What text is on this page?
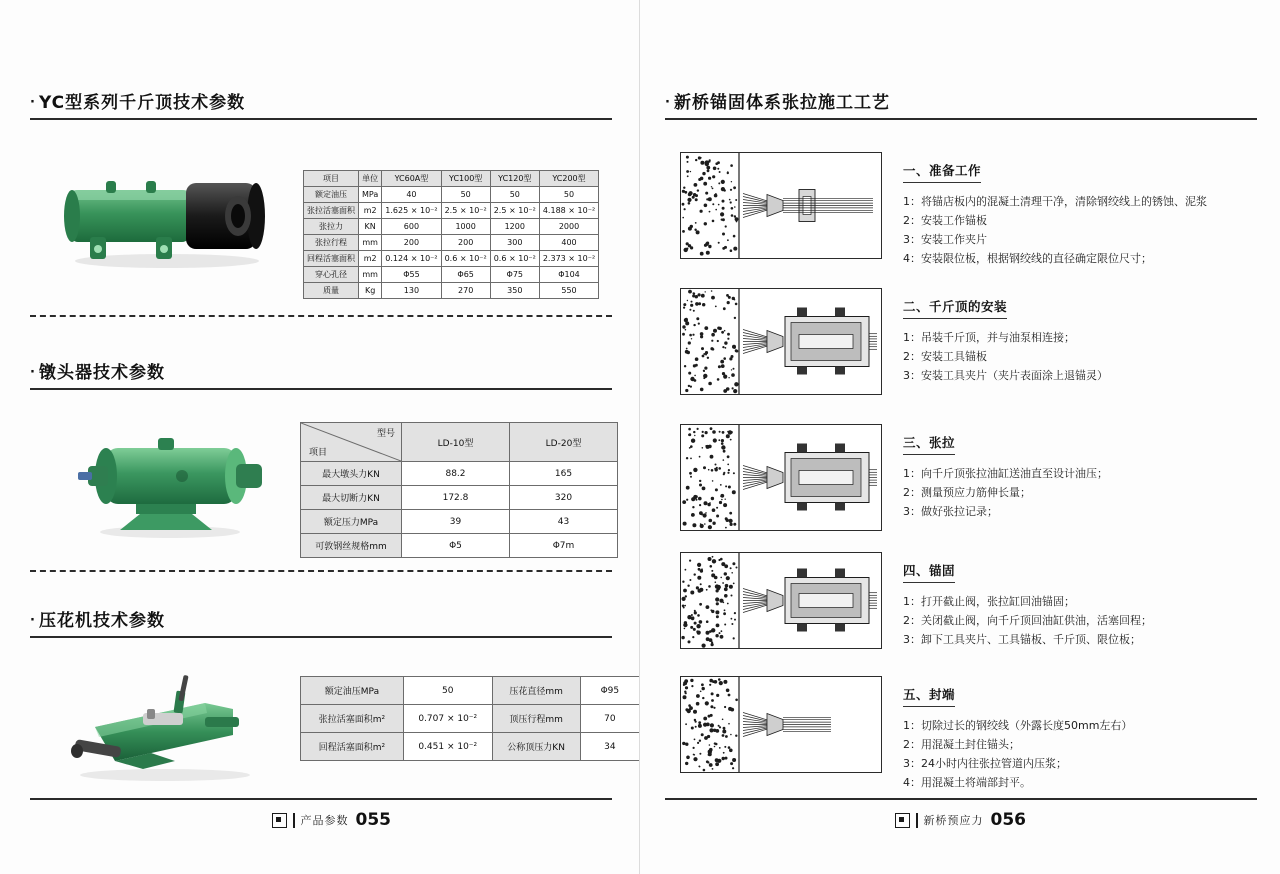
· YC型系列千斤顶技术参数
项目	单位	YC60A型	YC100型	YC120型	YC200型
额定油压	MPa	40	50	50	50
张拉活塞面积	m2	1.625 × 10⁻²	2.5 × 10⁻²	2.5 × 10⁻²	4.188 × 10⁻²
张拉力	KN	600	1000	1200	2000
张拉行程	mm	200	200	300	400
回程活塞面积	m2	0.124 × 10⁻²	0.6 × 10⁻²	0.6 × 10⁻²	2.373 × 10⁻²
穿心孔径	mm	Φ55	Φ65	Φ75	Φ104
质量	Kg	130	270	350	550
· 镦头器技术参数
型号
项目	LD-10型	LD-20型
最大墩头力KN	88.2	165
最大切断力KN	172.8	320
额定压力MPa	39	43
可敦钢丝规格mm	Φ5	Φ7m
· 压花机技术参数
额定油压MPa	50	压花直径mm	Φ95
张拉活塞面积m²	0.707 × 10⁻²	顶压行程mm	70
回程活塞面积m²	0.451 × 10⁻²	公称顶压力KN	34
产品参数 055
· 新桥锚固体系张拉施工工艺
一、准备工作
1：将锚店板内的混凝土清理干净，清除钢绞线上的锈蚀、泥浆
2：安装工作锚板
3：安装工作夹片
4：安装限位板，根据钢绞线的直径确定限位尺寸；
二、千斤顶的安装
1：吊装千斤顶，并与油泵相连接；
2：安装工具锚板
3：安装工具夹片（夹片表面涂上退锚灵）
三、张拉
1：向千斤顶张拉油缸送油直至设计油压；
2：测量预应力筋伸长量；
3：做好张拉记录；
四、锚固
1：打开截止阀，张拉缸回油锚固；
2：关闭截止阀，向千斤顶回油缸供油，活塞回程；
3：卸下工具夹片、工具锚板、千斤顶、限位板；
五、封端
1：切除过长的钢绞线（外露长度50mm左右）
2：用混凝土封住锚头；
3：24小时内往张拉管道内压浆；
4：用混凝土将端部封平。
新桥预应力 056
